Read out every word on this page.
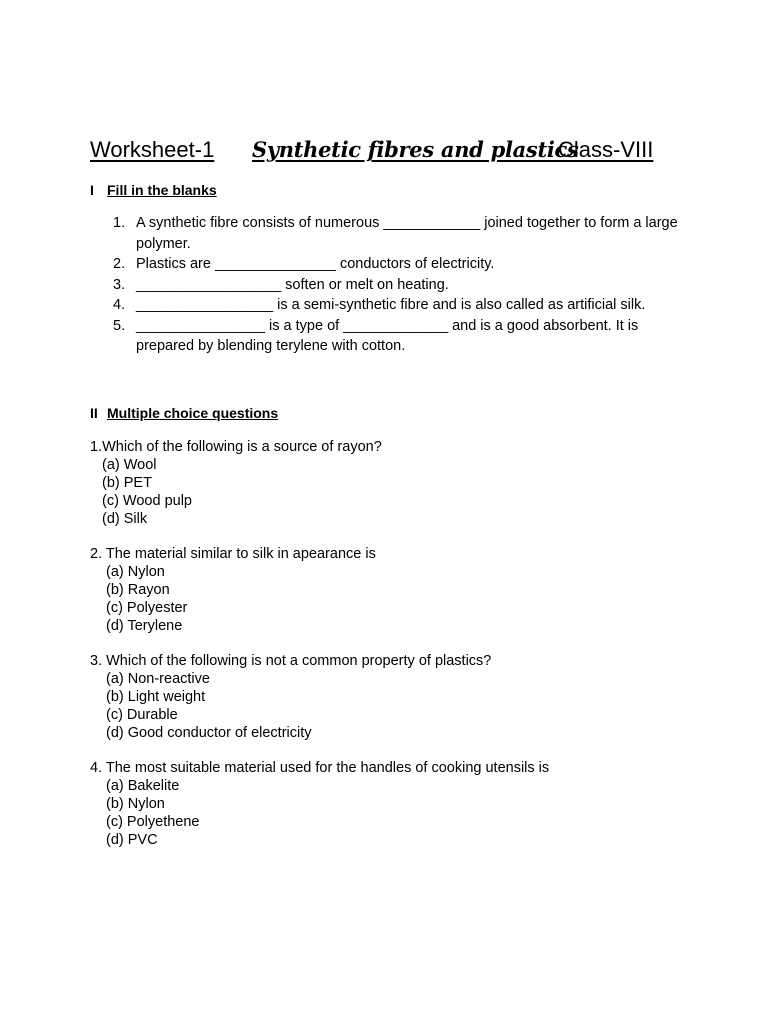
Worksheet-1 Synthetic fibres and plastics
Class-VIII
I Fill in the blanks
1. A synthetic fibre consists of numerous ____________ joined together to form a large polymer.
2. Plastics are _______________ conductors of electricity.
3. __________________ soften or melt on heating.
4. _________________ is a semi-synthetic fibre and is also called as artificial silk.
5. ________________ is a type of _____________ and is a good absorbent. It is prepared by blending terylene with cotton.
II Multiple choice questions
1.Which of the following is a source of rayon?
(a) Wool
(b) PET
(c) Wood pulp
(d) Silk
2. The material similar to silk in apearance is
(a) Nylon
(b) Rayon
(c) Polyester
(d) Terylene
3. Which of the following is not a common property of plastics?
(a) Non-reactive
(b) Light weight
(c) Durable
(d) Good conductor of electricity
4. The most suitable material used for the handles of cooking utensils is
(a) Bakelite
(b) Nylon
(c) Polyethene
(d) PVC
